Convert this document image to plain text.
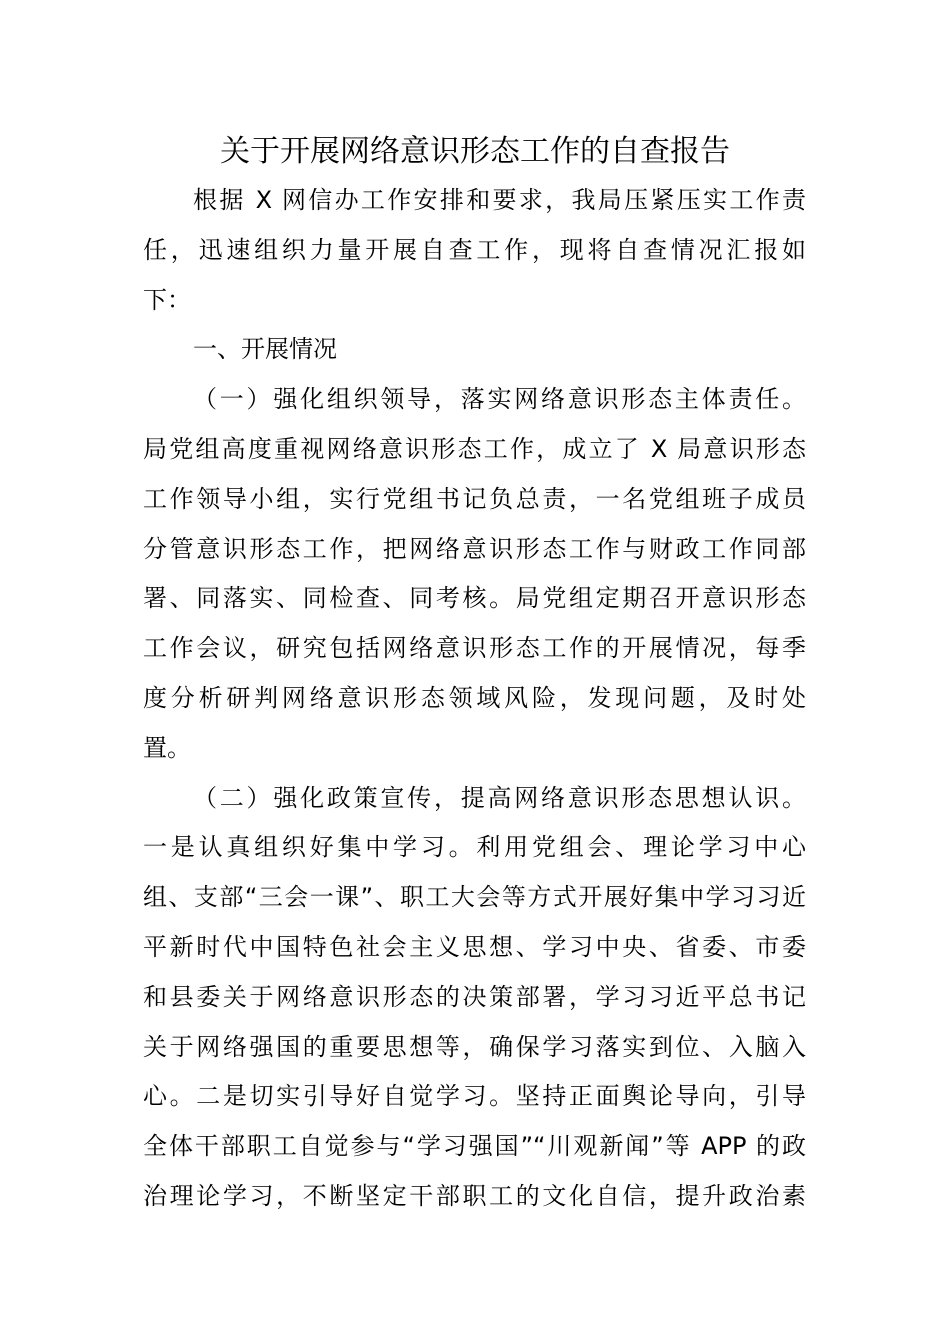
关于开展网络意识形态工作的自查报告
根据 X 网信办工作安排和要求，我局压紧压实工作责
任，迅速组织力量开展自查工作，现将自查情况汇报如
下：
一、开展情况
（一）强化组织领导，落实网络意识形态主体责任。
局党组高度重视网络意识形态工作，成立了 X 局意识形态
工作领导小组，实行党组书记负总责，一名党组班子成员
分管意识形态工作，把网络意识形态工作与财政工作同部
署、同落实、同检查、同考核。局党组定期召开意识形态
工作会议，研究包括网络意识形态工作的开展情况，每季
度分析研判网络意识形态领域风险，发现问题，及时处
置。
（二）强化政策宣传，提高网络意识形态思想认识。
一是认真组织好集中学习。利用党组会、理论学习中心
组、支部“三会一课”、职工大会等方式开展好集中学习习近
平新时代中国特色社会主义思想、学习中央、省委、市委
和县委关于网络意识形态的决策部署，学习习近平总书记
关于网络强国的重要思想等，确保学习落实到位、入脑入
心。二是切实引导好自觉学习。坚持正面舆论导向，引导
全体干部职工自觉参与“学习强国”“川观新闻”等 APP 的政
治理论学习，不断坚定干部职工的文化自信，提升政治素
